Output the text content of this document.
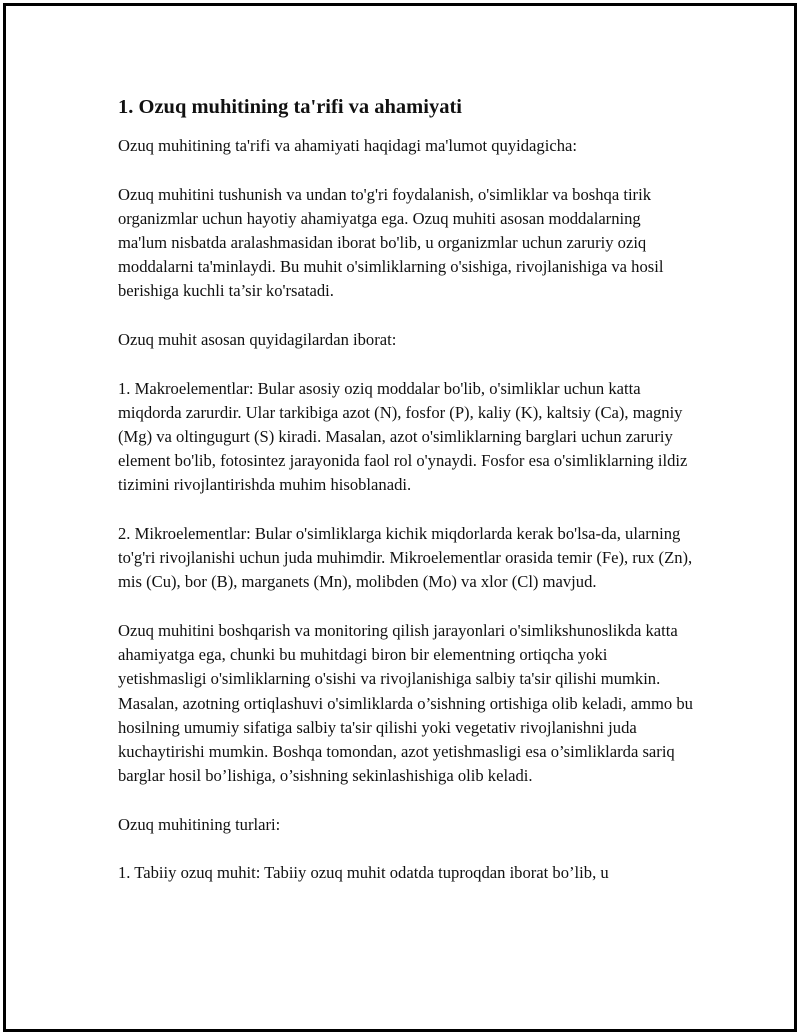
1. Ozuq muhitining ta'rifi va ahamiyati
Ozuq muhitining ta'rifi va ahamiyati haqidagi ma'lumot quyidagicha:
Ozuq muhitini tushunish va undan to'g'ri foydalanish, o'simliklar va boshqa tirik organizmlar uchun hayotiy ahamiyatga ega. Ozuq muhiti asosan moddalarning ma'lum nisbatda aralashmasidan iborat bo'lib, u organizmlar uchun zaruriy oziq moddalarni ta'minlaydi. Bu muhit o'simliklarning o'sishiga, rivojlanishiga va hosil berishiga kuchli ta’sir ko'rsatadi.
Ozuq muhit asosan quyidagilardan iborat:
1. Makroelementlar: Bular asosiy oziq moddalar bo'lib, o'simliklar uchun katta miqdorda zarurdir. Ular tarkibiga azot (N), fosfor (P), kaliy (K), kaltsiy (Ca), magniy (Mg) va oltingugurt (S) kiradi. Masalan, azot o'simliklarning barglari uchun zaruriy element bo'lib, fotosintez jarayonida faol rol o'ynaydi. Fosfor esa o'simliklarning ildiz tizimini rivojlantirishda muhim hisoblanadi.
2. Mikroelementlar: Bular o'simliklarga kichik miqdorlarda kerak bo'lsa-da, ularning to'g'ri rivojlanishi uchun juda muhimdir. Mikroelementlar orasida temir (Fe), rux (Zn), mis (Cu), bor (B), marganets (Mn), molibden (Mo) va xlor (Cl) mavjud.
Ozuq muhitini boshqarish va monitoring qilish jarayonlari o'simlikshunoslikda katta ahamiyatga ega, chunki bu muhitdagi biron bir elementning ortiqcha yoki yetishmasligi o'simliklarning o'sishi va rivojlanishiga salbiy ta'sir qilishi mumkin. Masalan, azotning ortiqlashuvi o'simliklarda o’sishning ortishiga olib keladi, ammo bu hosilning umumiy sifatiga salbiy ta'sir qilishi yoki vegetativ rivojlanishni juda kuchaytirishi mumkin. Boshqa tomondan, azot yetishmasligi esa o’simliklarda sariq barglar hosil bo’lishiga, o’sishning sekinlashishiga olib keladi.
Ozuq muhitining turlari:
1. Tabiiy ozuq muhit: Tabiiy ozuq muhit odatda tuproqdan iborat bo’lib, u
